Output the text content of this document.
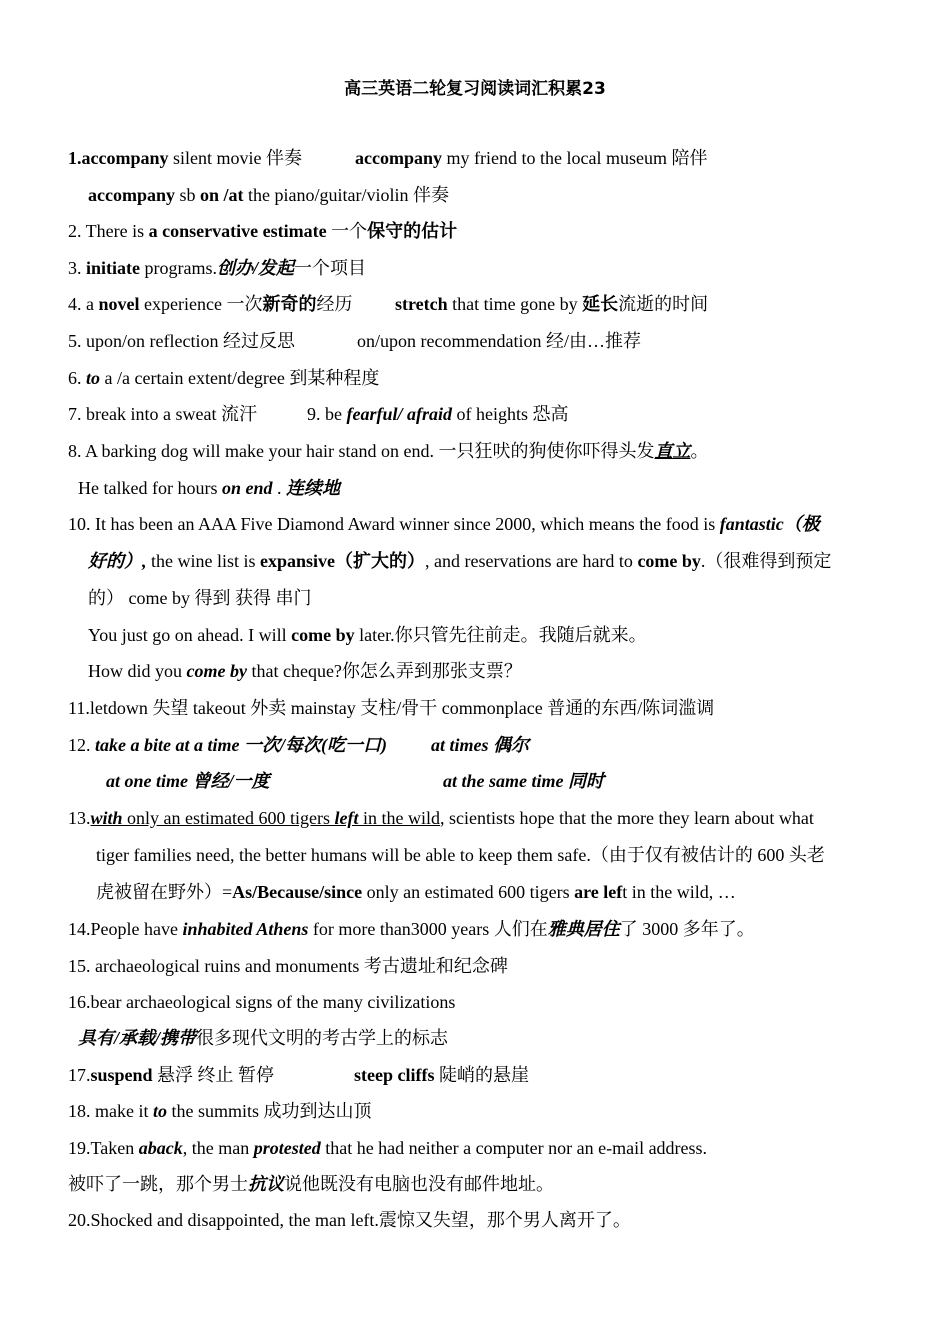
高三英语二轮复习阅读词汇积累23
1.accompany silent movie 伴奏	accompany my friend to the local museum 陪伴
accompany sb on /at the piano/guitar/violin 伴奏
2. There is a conservative estimate 一个保守的估计
3. initiate programs.创办/发起一个项目
4. a novel experience 一次新奇的经历 stretch that time gone by 延长流逝的时间
5. upon/on reflection 经过反思	on/upon recommendation 经/由…推荐
6. to a /a certain extent/degree 到某种程度
7. break into a sweat 流汗	9. be fearful/ afraid of heights 恐高
8. A barking dog will make your hair stand on end. 一只狂吠的狗使你吓得头发直立。
He talked for hours on end . 连续地
10. It has been an AAA Five Diamond Award winner since 2000, which means the food is fantastic（极
好的）, the wine list is expansive（扩大的）, and reservations are hard to come by.（很难得到预定
的） come by 得到 获得 串门
You just go on ahead. I will come by later.你只管先往前走。我随后就来。
How did you come by that cheque?你怎么弄到那张支票？
11.letdown 失望 takeout 外卖 mainstay 支柱/骨干 commonplace 普通的东西/陈词滥调
12. take a bite at a time 一次/每次(吃一口) at times 偶尔
at one time 曾经/一度	at the same time 同时
13.with only an estimated 600 tigers left in the wild, scientists hope that the more they learn about what
tiger families need, the better humans will be able to keep them safe.（由于仅有被估计的 600 头老
虎被留在野外）=As/Because/since only an estimated 600 tigers are left in the wild, …
14.People have inhabited Athens for more than3000 years 人们在雅典居住了 3000 多年了。
15. archaeological ruins and monuments 考古遗址和纪念碑
16.bear archaeological signs of the many civilizations
具有/承载/携带很多现代文明的考古学上的标志
17.suspend 悬浮 终止 暂停	steep cliffs 陡峭的悬崖
18. make it to the summits 成功到达山顶
19.Taken aback, the man protested that he had neither a computer nor an e-mail address.
被吓了一跳，那个男士抗议说他既没有电脑也没有邮件地址。
20.Shocked and disappointed, the man left.震惊又失望，那个男人离开了。
